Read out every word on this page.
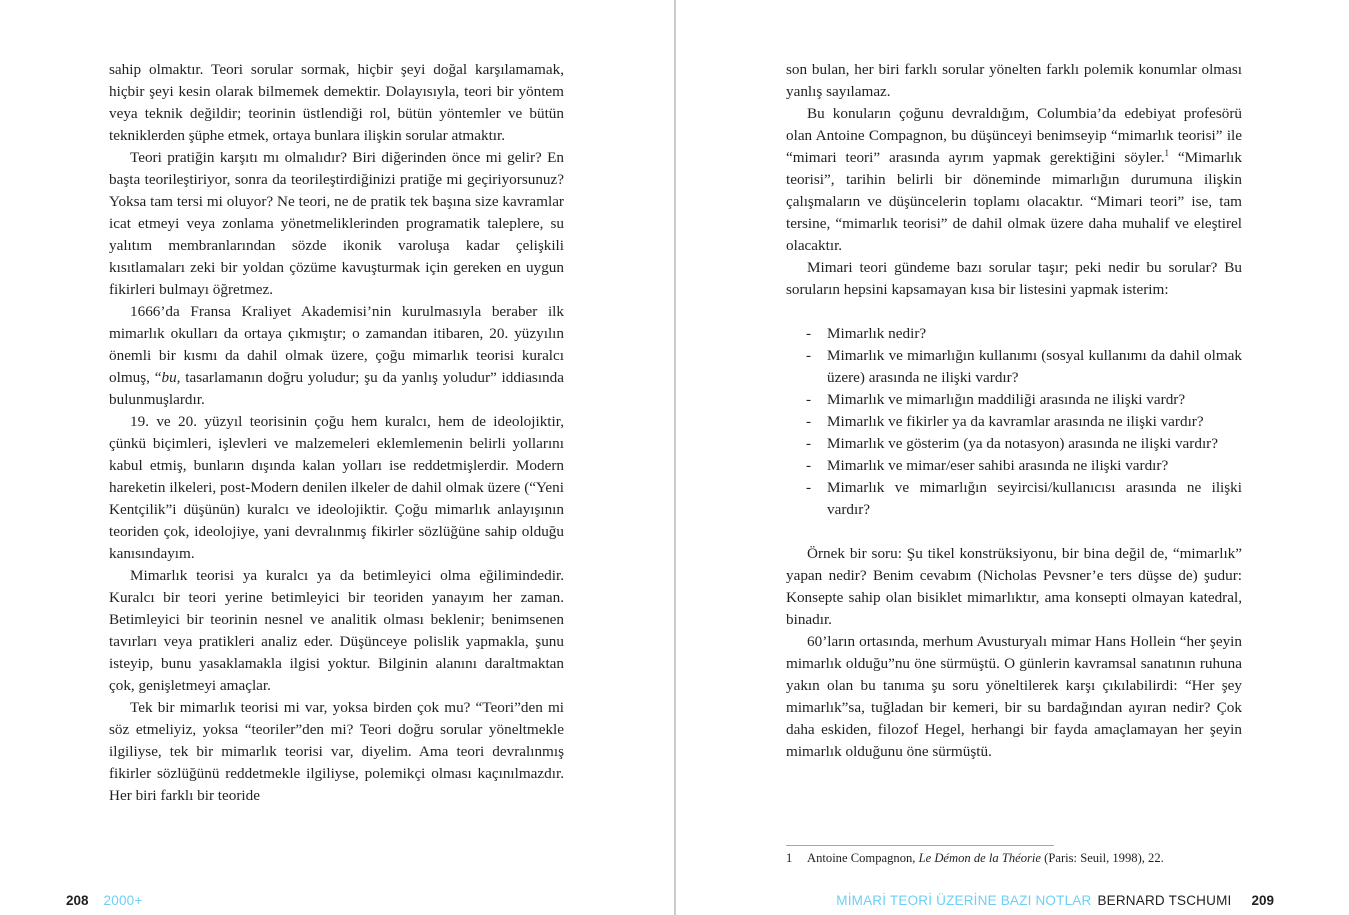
sahip olmaktır. Teori sorular sormak, hiçbir şeyi doğal karşılamamak, hiçbir şeyi kesin olarak bilmemek demektir. Dolayısıyla, teori bir yöntem veya teknik değildir; teorinin üstlendiği rol, bütün yöntemler ve bütün tekniklerden şüphe etmek, ortaya bunlara ilişkin sorular atmaktır.

Teori pratiğin karşıtı mı olmalıdır? Biri diğerinden önce mi gelir? En başta teorileştiriyor, sonra da teorileştirdiğinizi pratiğe mi geçiriyorsunuz? Yoksa tam tersi mi oluyor? Ne teori, ne de pratik tek başına size kavramlar icat etmeyi veya zonlama yönetmeliklerinden programatik taleplere, su yalıtım membranlarından sözde ikonik varoluşa kadar çelişkili kısıtlamaları zeki bir yoldan çözüme kavuşturmak için gereken en uygun fikirleri bulmayı öğretmez.

1666’da Fransa Kraliyet Akademisi’nin kurulmasıyla beraber ilk mimarlık okulları da ortaya çıkmıştır; o zamandan itibaren, 20. yüzyılın önemli bir kısmı da dahil olmak üzere, çoğu mimarlık teorisi kuralcı olmuş, “bu, tasarlamanın doğru yoludur; şu da yanlış yoludur” iddiasında bulunmuşlardır.

19. ve 20. yüzyıl teorisinin çoğu hem kuralcı, hem de ideolojiktir, çünkü biçimleri, işlevleri ve malzemeleri eklemlemenin belirli yollarını kabul etmiş, bunların dışında kalan yolları ise reddetmişlerdir. Modern hareketin ilkeleri, post-Modern denilen ilkeler de dahil olmak üzere (“Yeni Kentçilik”i düşünün) kuralcı ve ideolojiktir. Çoğu mimarlık anlayışının teoriden çok, ideolojiye, yani devralınmış fikirler sözlüğüne sahip olduğu kanısındayım.

Mimarlık teorisi ya kuralcı ya da betimleyici olma eğilimindedir. Kuralcı bir teori yerine betimleyici bir teoriden yanayım her zaman. Betimleyici bir teorinin nesnel ve analitik olması beklenir; benimsenen tavırları veya pratikleri analiz eder. Düşünceye polislik yapmakla, şunu isteyip, bunu yasaklamakla ilgisi yoktur. Bilginin alanını daraltmaktan çok, genişletmeyi amaçlar.

Tek bir mimarlık teorisi mi var, yoksa birden çok mu? “Teori”den mi söz etmeliyiz, yoksa “teoriler”den mi? Teori doğru sorular yöneltmekle ilgiliyse, tek bir mimarlık teorisi var, diyelim. Ama teori devralınmış fikirler sözlüğünü reddetmekle ilgiliyse, polemikçi olması kaçınılmazdır. Her biri farklı bir teoride

son bulan, her biri farklı sorular yönelten farklı polemik konumlar olması yanlış sayılamaz.

Bu konuların çoğunu devraldığım, Columbia’da edebiyat profesörü olan Antoine Compagnon, bu düşünceyi benimseyip “mimarlık teorisi” ile “mimari teori” arasında ayrım yapmak gerektiğini söyler.$^1$ “Mimarlık teorisi”, tarihin belirli bir döneminde mimarlığın durumuna ilişkin çalışmaların ve düşüncelerin toplamı olacaktır. “Mimari teori” ise, tam tersine, “mimarlık teorisi” de dahil olmak üzere daha muhalif ve eleştirel olacaktır.

Mimari teori gündeme bazı sorular taşır; peki nedir bu sorular? Bu soruların hepsini kapsamayan kısa bir listesini yapmak isterim:

- Mimarlık nedir?
- Mimarlık ve mimarlığın kullanımı (sosyal kullanımı da dahil olmak üzere) arasında ne ilişki vardır?
- Mimarlık ve mimarlığın maddiliği arasında ne ilişki vardr?
- Mimarlık ve fikirler ya da kavramlar arasında ne ilişki vardır?
- Mimarlık ve gösterim (ya da notasyon) arasında ne ilişki vardır?
- Mimarlık ve mimar/eser sahibi arasında ne ilişki vardır?
- Mimarlık ve mimarlığın seyircisi/kullanıcısı arasında ne ilişki vardır?

Örnek bir soru: Şu tikel konstrüksiyonu, bir bina değil de, “mimarlık” yapan nedir? Benim cevabım (Nicholas Pevsner’e ters düşse de) şudur: Konsepte sahip olan bisiklet mimarlıktır, ama konsepti olmayan katedral, binadır.

60’ların ortasında, merhum Avusturyalı mimar Hans Hollein “her şeyin mimarlık olduğu”nu öne sürmüştü. O günlerin kavramsal sanatının ruhuna yakın olan bu tanıma şu soru yöneltilerek karşı çıkılabilirdi: “Her şey mimarlık”sa, tuğladan bir kemeri, bir su bardağından ayıran nedir? Çok daha eskiden, filozof Hegel, herhangi bir fayda amaçlamayan her şeyin mimarlık olduğunu öne sürmüştü.

1 Antoine Compagnon, Le Démon de la Théorie (Paris: Seuil, 1998), 22.
208 2000+	MİMARİ TEORİ ÜZERİNE BAZI NOTLAR BERNARD TSCHUMI 209
